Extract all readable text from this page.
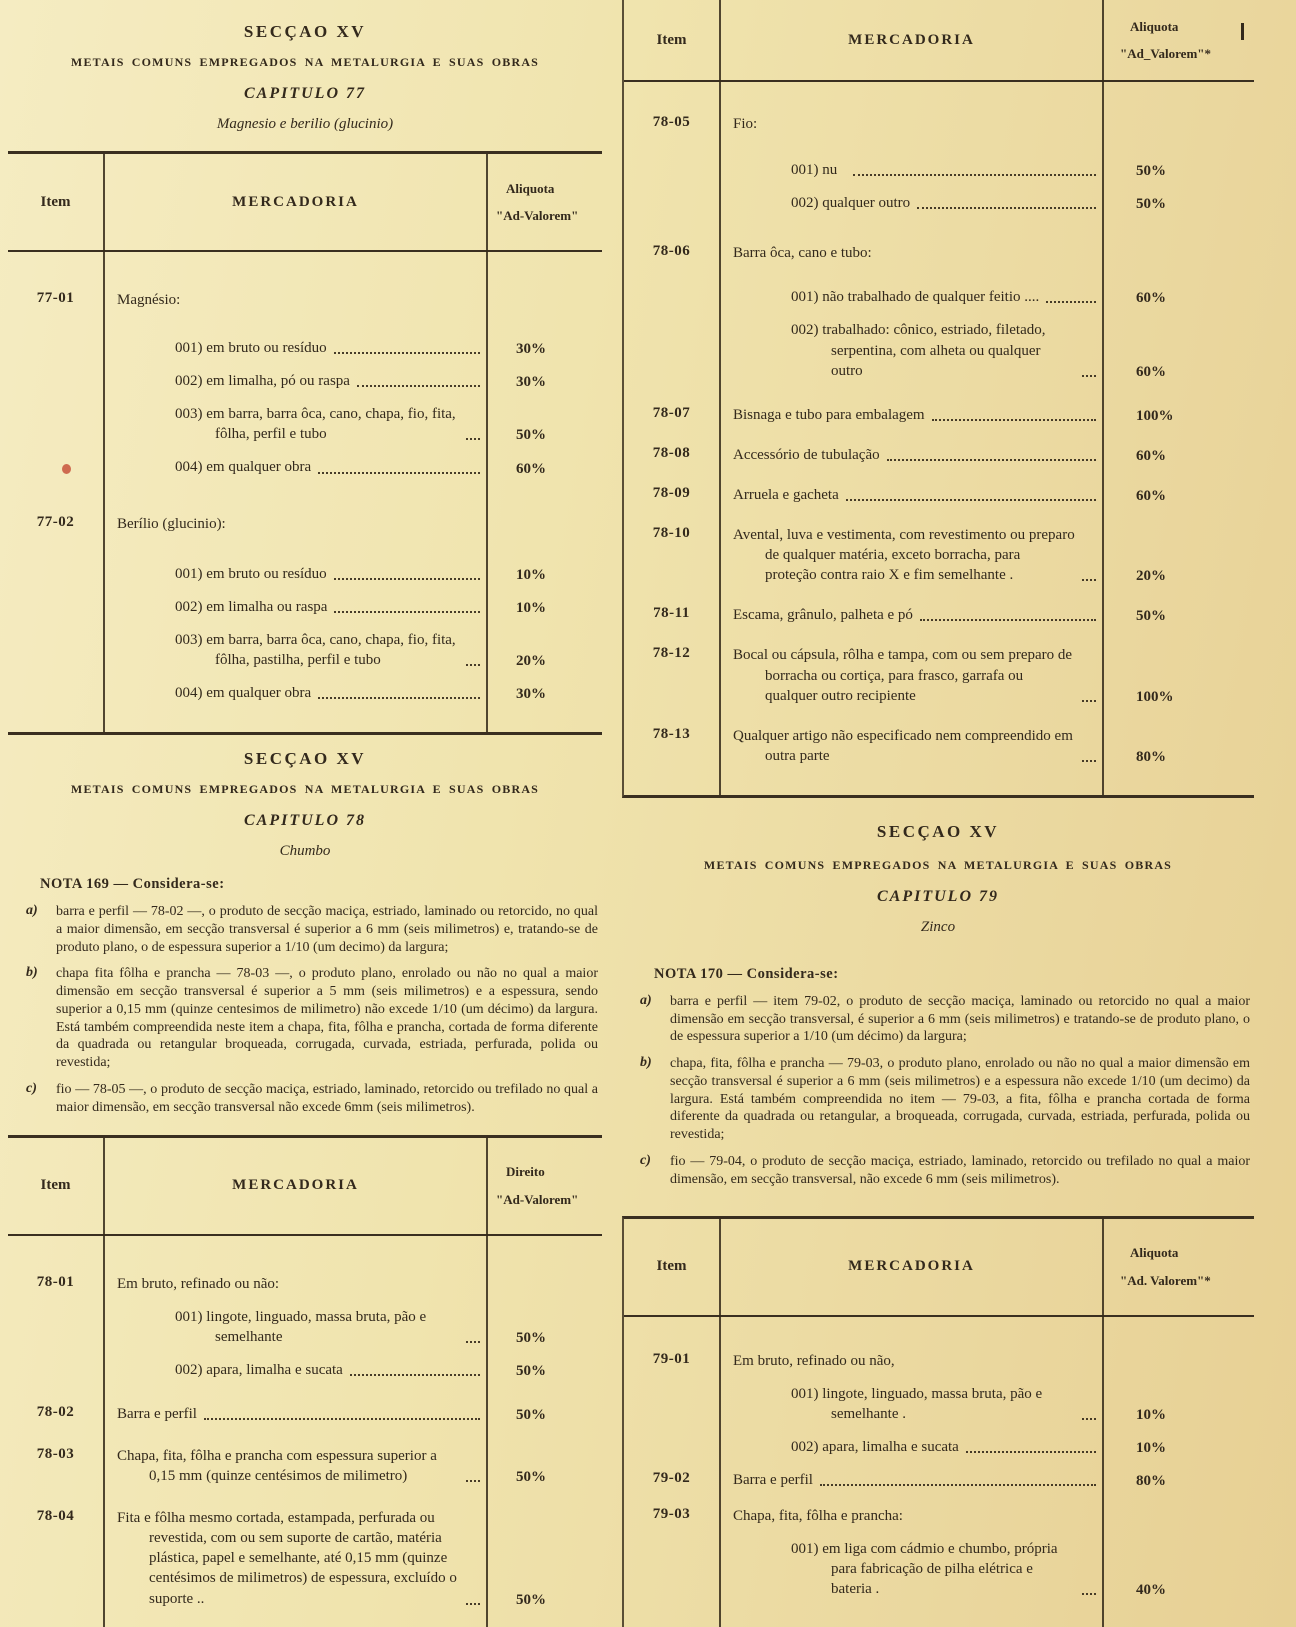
SECÇAO XV
METAIS COMUNS EMPREGADOS NA METALURGIA E SUAS OBRAS
CAPITULO 77
Magnesio e berilio (glucinio)
Item	MERCADORIA
Aliquota
"Ad-Valorem"
77-01	Magnésio:
001) em bruto ou resíduo	30%
002) em limalha, pó ou raspa	30%
003) em barra, barra ôca, cano, chapa, fio, fita, fôlha, perfil e tubo	50%
004) em qualquer obra	60%
77-02	Berílio (glucinio):
001) em bruto ou resíduo	10%
002) em limalha ou raspa	10%
003) em barra, barra ôca, cano, chapa, fio, fita, fôlha, pastilha, perfil e tubo	20%
004) em qualquer obra	30%
SECÇAO XV
METAIS COMUNS EMPREGADOS NA METALURGIA E SUAS OBRAS
CAPITULO 78
Chumbo
NOTA 169 — Considera-se:
a)	barra e perfil — 78-02 —, o produto de secção maciça, estriado, laminado ou retorcido, no qual a maior dimensão, em secção transversal é superior a 6 mm (seis milimetros) e, tratando-se de produto plano, o de espessura superior a 1/10 (um decimo) da largura;
b)	chapa fita fôlha e prancha — 78-03 —, o produto plano, enrolado ou não no qual a maior dimensão em secção transversal é superior a 5 mm (seis milimetros) e a espessura, sendo superior a 0,15 mm (quinze centesimos de milimetro) não excede 1/10 (um décimo) da largura. Está também compreendida neste item a chapa, fita, fôlha e prancha, cortada de forma diferente da quadrada ou retangular broqueada, corrugada, curvada, estriada, perfurada, polida ou revestida;
c)	fio — 78-05 —, o produto de secção maciça, estriado, laminado, retorcido ou trefilado no qual a maior dimensão, em secção transversal não excede 6mm (seis milimetros).
Item	MERCADORIA
Direito
"Ad-Valorem"
78-01	Em bruto, refinado ou não:
001) lingote, linguado, massa bruta, pão e semelhante	50%
002) apara, limalha e sucata	50%
78-02	Barra e perfil	50%
78-03	Chapa, fita, fôlha e prancha com espessura superior a 0,15 mm (quinze centésimos de milimetro)	50%
78-04	Fita e fôlha mesmo cortada, estampada, perfurada ou revestida, com ou sem suporte de cartão, matéria plástica, papel e semelhante, até 0,15 mm (quinze centésimos de milimetros) de espessura, excluído o suporte ..	50%
Item	MERCADORIA
Aliquota
"Ad_Valorem"*
78-05	Fio:
001) nu	50%
002) qualquer outro	50%
78-06	Barra ôca, cano e tubo:
001) não trabalhado de qualquer feitio ....	60%
002) trabalhado: cônico, estriado, filetado, serpentina, com alheta ou qualquer outro	60%
78-07	Bisnaga e tubo para embalagem	100%
78-08	Accessório de tubulação	60%
78-09	Arruela e gacheta	60%
78-10	Avental, luva e vestimenta, com revestimento ou preparo de qualquer matéria, exceto borracha, para proteção contra raio X e fim semelhante .	20%
78-11	Escama, grânulo, palheta e pó	50%
78-12	Bocal ou cápsula, rôlha e tampa, com ou sem preparo de borracha ou cortiça, para frasco, garrafa ou qualquer outro recipiente	100%
78-13	Qualquer artigo não especificado nem compreendido em outra parte	80%
SECÇAO XV
METAIS COMUNS EMPREGADOS NA METALURGIA E SUAS OBRAS
CAPITULO 79
Zinco
NOTA 170 — Considera-se:
a)	barra e perfil — item 79-02, o produto de secção maciça, laminado ou retorcido no qual a maior dimensão em secção transversal, é superior a 6 mm (seis milimetros) e tratando-se de produto plano, o de espessura superior a 1/10 (um décimo) da largura;
b)	chapa, fita, fôlha e prancha — 79-03, o produto plano, enrolado ou não no qual a maior dimensão em secção transversal é superior a 6 mm (seis milimetros) e a espessura não excede 1/10 (um decimo) da largura. Está também compreendida no item — 79-03, a fita, fôlha e prancha cortada de forma diferente da quadrada ou retangular, a broqueada, corrugada, curvada, estriada, perfurada, polida ou revestida;
c)	fio — 79-04, o produto de secção maciça, estriado, laminado, retorcido ou trefilado no qual a maior dimensão, em secção transversal, não excede 6 mm (seis milimetros).
Item	MERCADORIA
Aliquota
"Ad. Valorem"*
79-01	Em bruto, refinado ou não,
001) lingote, linguado, massa bruta, pão e semelhante .	10%
002) apara, limalha e sucata	10%
79-02	Barra e perfil	80%
79-03	Chapa, fita, fôlha e prancha:
001) em liga com cádmio e chumbo, própria para fabricação de pilha elétrica e bateria .	40%
